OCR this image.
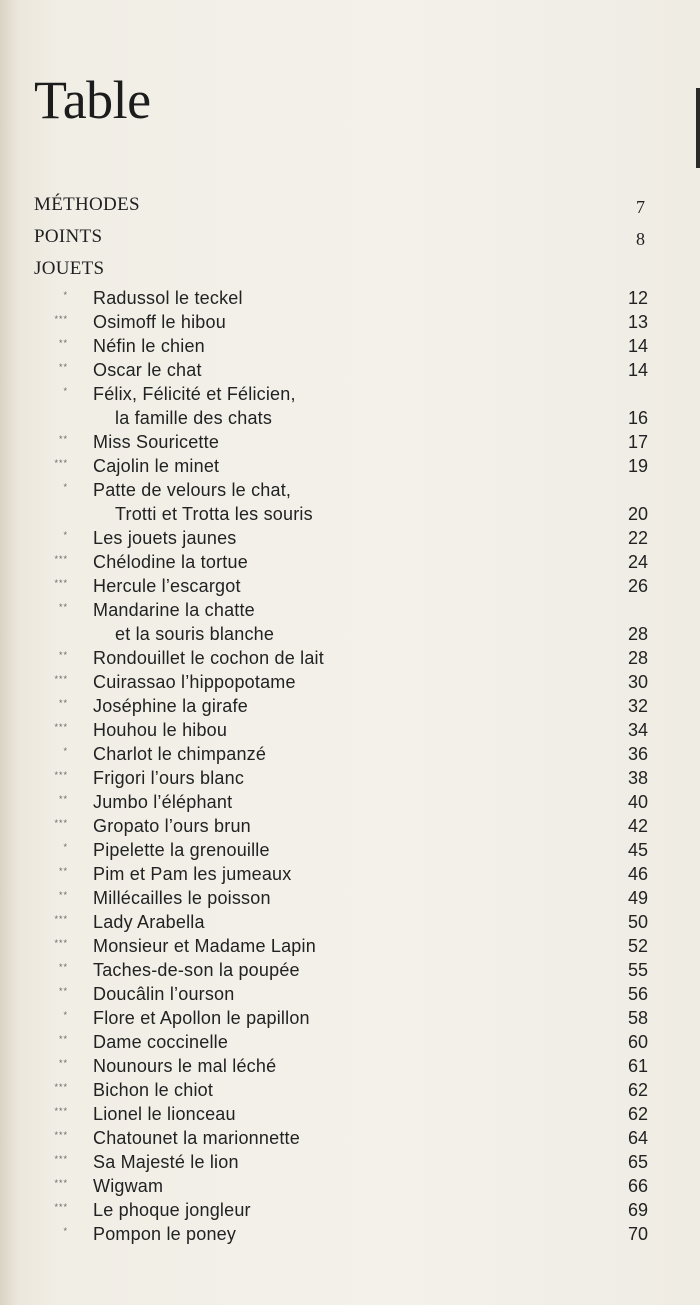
Table
MÉTHODES	7
POINTS	8
JOUETS
* Radussol le teckel	12
*** Osimoff le hibou	13
** Néfin le chien	14
** Oscar le chat	14
* Félix, Félicité et Félicien,
la famille des chats	16
** Miss Souricette	17
*** Cajolin le minet	19
* Patte de velours le chat,
Trotti et Trotta les souris	20
* Les jouets jaunes	22
*** Chélodine la tortue	24
*** Hercule l’escargot	26
** Mandarine la chatte
et la souris blanche	28
** Rondouillet le cochon de lait	28
*** Cuirassao l’hippopotame	30
** Joséphine la girafe	32
*** Houhou le hibou	34
* Charlot le chimpanzé	36
*** Frigori l’ours blanc	38
** Jumbo l’éléphant	40
*** Gropato l’ours brun	42
* Pipelette la grenouille	45
** Pim et Pam les jumeaux	46
** Millécailles le poisson	49
*** Lady Arabella	50
*** Monsieur et Madame Lapin	52
** Taches-de-son la poupée	55
** Doucâlin l’ourson	56
* Flore et Apollon le papillon	58
** Dame coccinelle	60
** Nounours le mal léché	61
*** Bichon le chiot	62
*** Lionel le lionceau	62
*** Chatounet la marionnette	64
*** Sa Majesté le lion	65
*** Wigwam	66
*** Le phoque jongleur	69
* Pompon le poney	70
